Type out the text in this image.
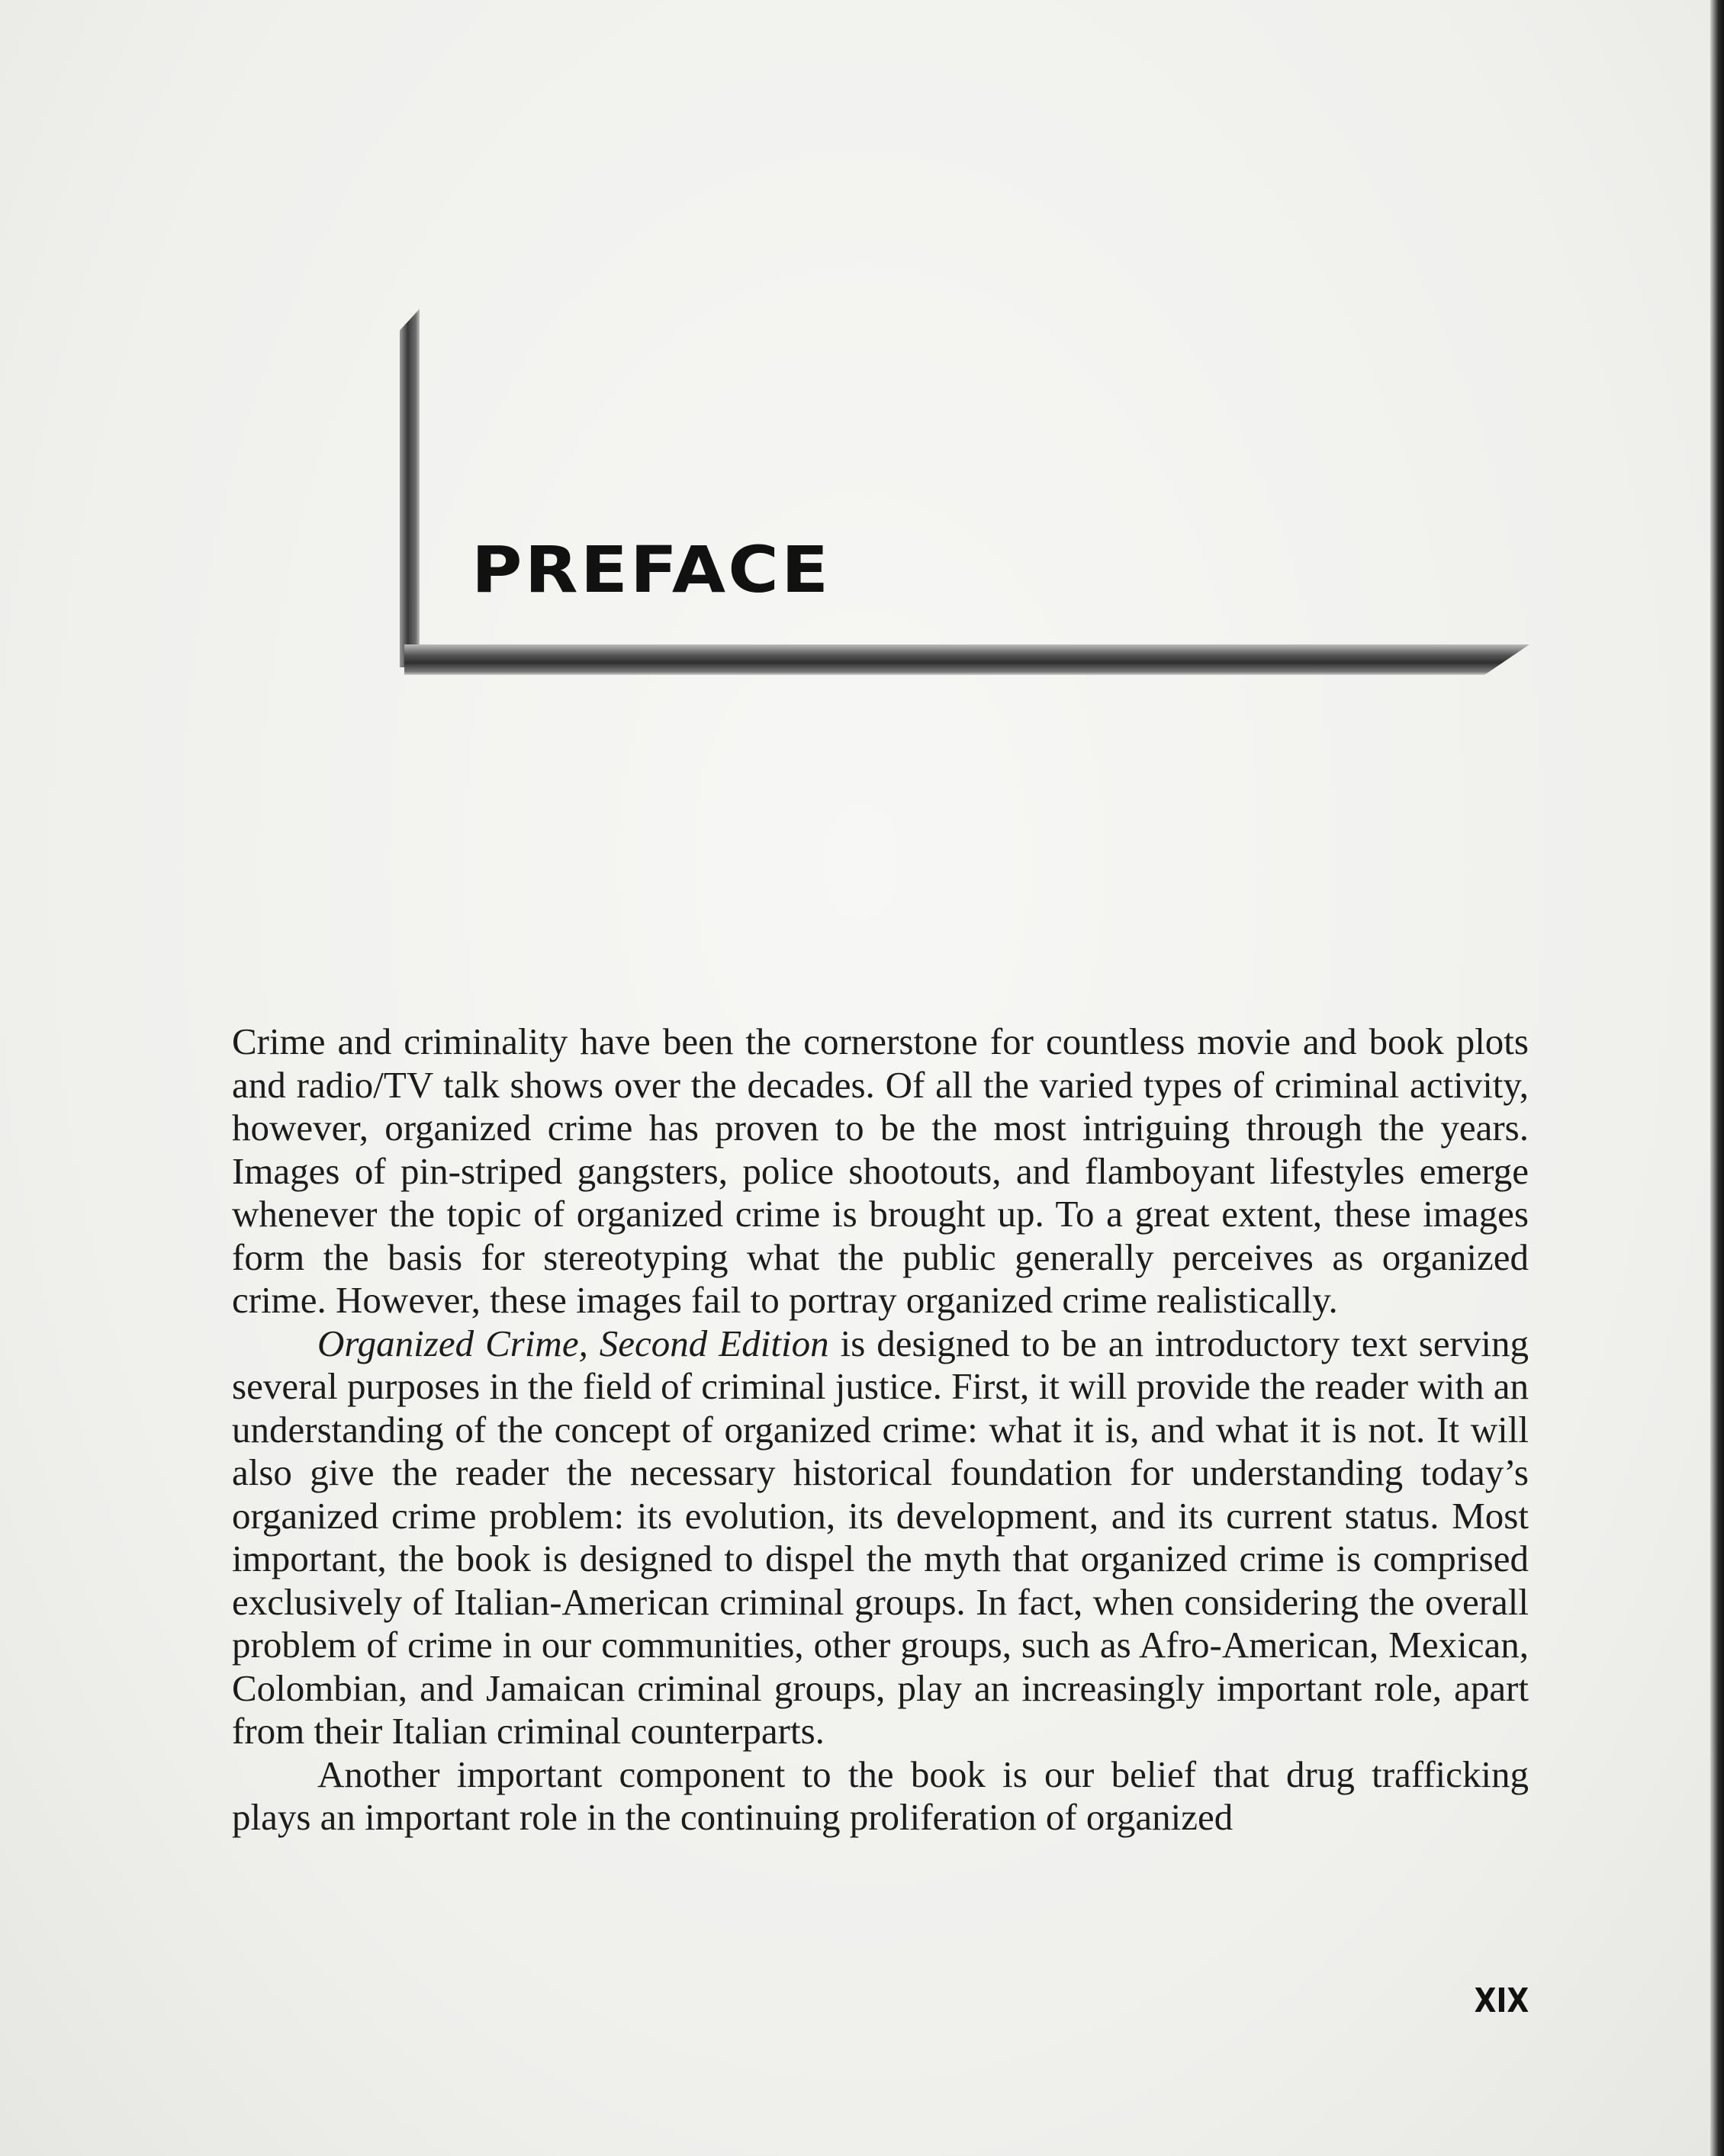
PREFACE

Crime and criminality have been the cornerstone for countless movie and book plots and radio/TV talk shows over the decades. Of all the varied types of criminal activity, however, organized crime has proven to be the most intriguing through the years. Images of pin-striped gangsters, police shootouts, and flamboyant lifestyles emerge whenever the topic of organized crime is brought up. To a great extent, these images form the basis for stereotyping what the public generally perceives as organized crime. However, these images fail to portray organized crime realistically.

Organized Crime, Second Edition is designed to be an introductory text serving several purposes in the field of criminal justice. First, it will provide the reader with an understanding of the concept of organized crime: what it is, and what it is not. It will also give the reader the necessary historical foundation for understanding today’s organized crime problem: its evolution, its development, and its current status. Most important, the book is designed to dispel the myth that organized crime is comprised exclusively of Italian-American criminal groups. In fact, when considering the overall problem of crime in our communities, other groups, such as Afro-American, Mexican, Colombian, and Jamaican criminal groups, play an increasingly important role, apart from their Italian criminal counterparts.

Another important component to the book is our belief that drug trafficking plays an important role in the continuing proliferation of organized

XIX
